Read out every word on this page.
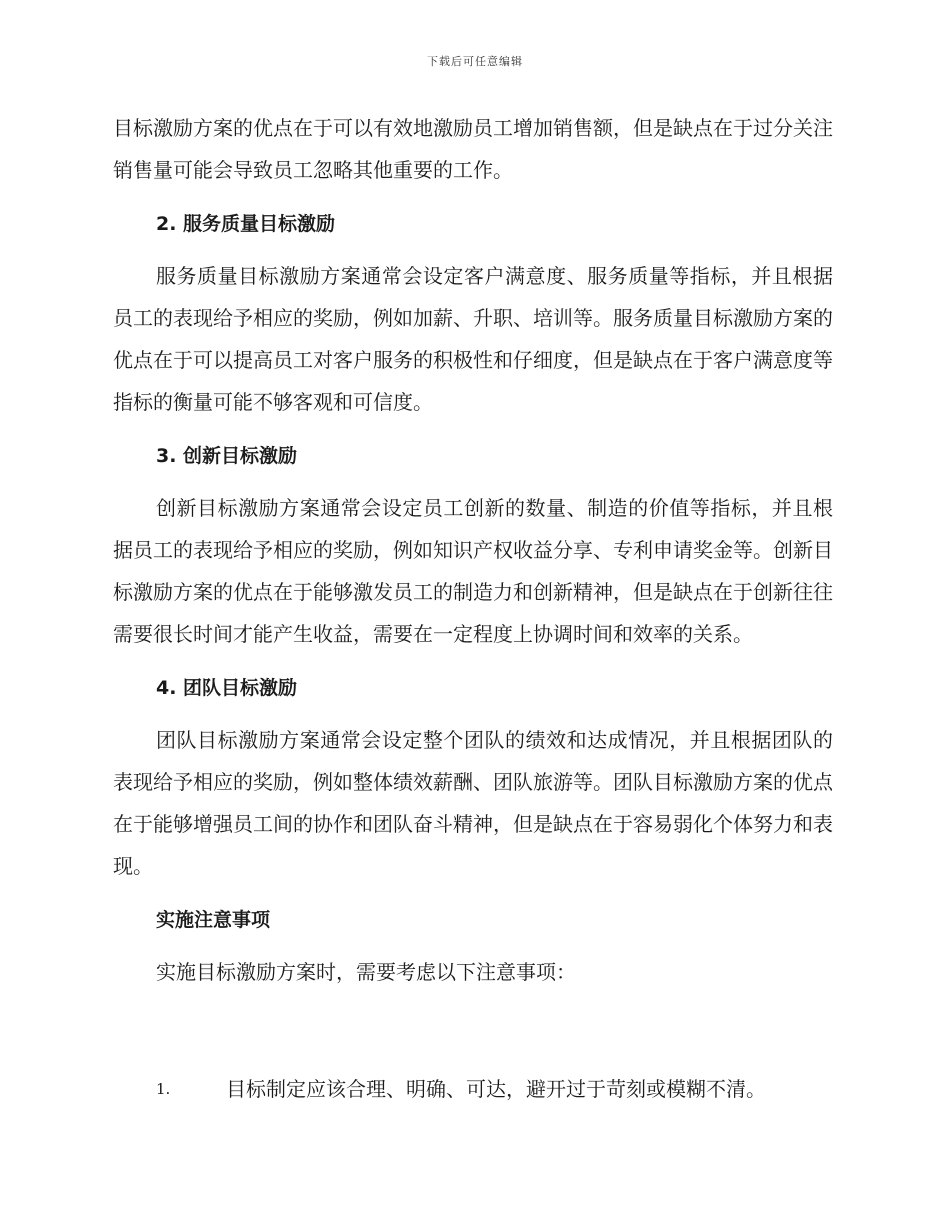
下载后可任意编辑

目标激励方案的优点在于可以有效地激励员工增加销售额，但是缺点在于过分关注销售量可能会导致员工忽略其他重要的工作。

2. 服务质量目标激励

服务质量目标激励方案通常会设定客户满意度、服务质量等指标，并且根据员工的表现给予相应的奖励，例如加薪、升职、培训等。服务质量目标激励方案的优点在于可以提高员工对客户服务的积极性和仔细度，但是缺点在于客户满意度等指标的衡量可能不够客观和可信度。

3. 创新目标激励

创新目标激励方案通常会设定员工创新的数量、制造的价值等指标，并且根据员工的表现给予相应的奖励，例如知识产权收益分享、专利申请奖金等。创新目标激励方案的优点在于能够激发员工的制造力和创新精神，但是缺点在于创新往往需要很长时间才能产生收益，需要在一定程度上协调时间和效率的关系。

4. 团队目标激励

团队目标激励方案通常会设定整个团队的绩效和达成情况，并且根据团队的表现给予相应的奖励，例如整体绩效薪酬、团队旅游等。团队目标激励方案的优点在于能够增强员工间的协作和团队奋斗精神，但是缺点在于容易弱化个体努力和表现。

实施注意事项

实施目标激励方案时，需要考虑以下注意事项：

1.	目标制定应该合理、明确、可达，避开过于苛刻或模糊不清。
